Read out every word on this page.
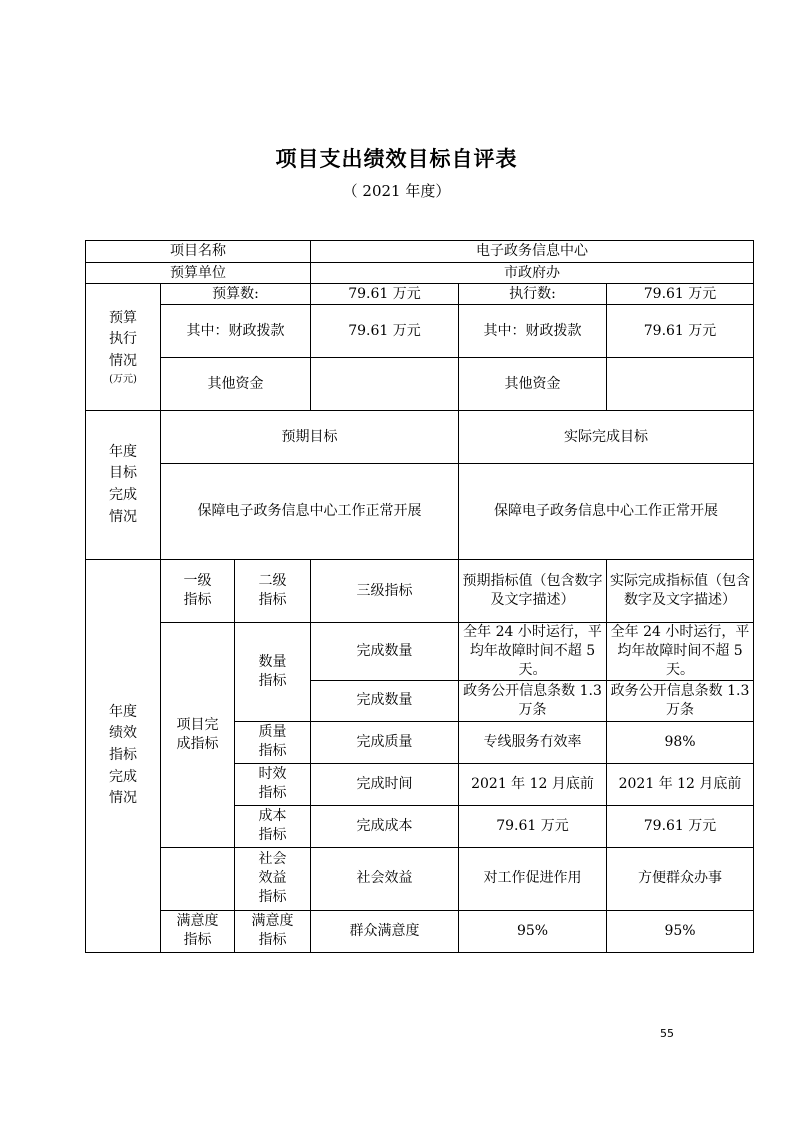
项目支出绩效目标自评表
（ 2021 年度）
项目名称			电子政务信息中心		
预算单位			市政府办		

预算执行情况
(万元)	预算数:		79.61 万元	执行数:	79.61 万元
	其中：财政拨款		79.61 万元	其中：财政拨款	79.61 万元
	其他资金			其他资金	

年度目标完成情况	预期目标			实际完成目标	
	保障电子政务信息中心工作正常开展			保障电子政务信息中心工作正常开展	

年度绩效指标完成情况	一级指标	二级指标	三级指标	预期指标值（包含数字及文字描述）	实际完成指标值（包含数字及文字描述）

	项目完成指标	数量指标	完成数量	全年 24 小时运行，平均年故障时间不超 5 天。	全年 24 小时运行，平均年故障时间不超 5 天。
			完成数量	政务公开信息条数 1.3 万条	政务公开信息条数 1.3 万条

		质量指标	完成质量	专线服务冇效率	98%

		时效指标	完成时间	2021 年 12 月底前	2021 年 12 月底前

		成本指标	完成成本	79.61 万元	79.61 万元

		社会效益指标	社会效益	对工作促进作用	方便群众办事

	满意度指标	满意度指标	群众满意度	95%	95%
55
